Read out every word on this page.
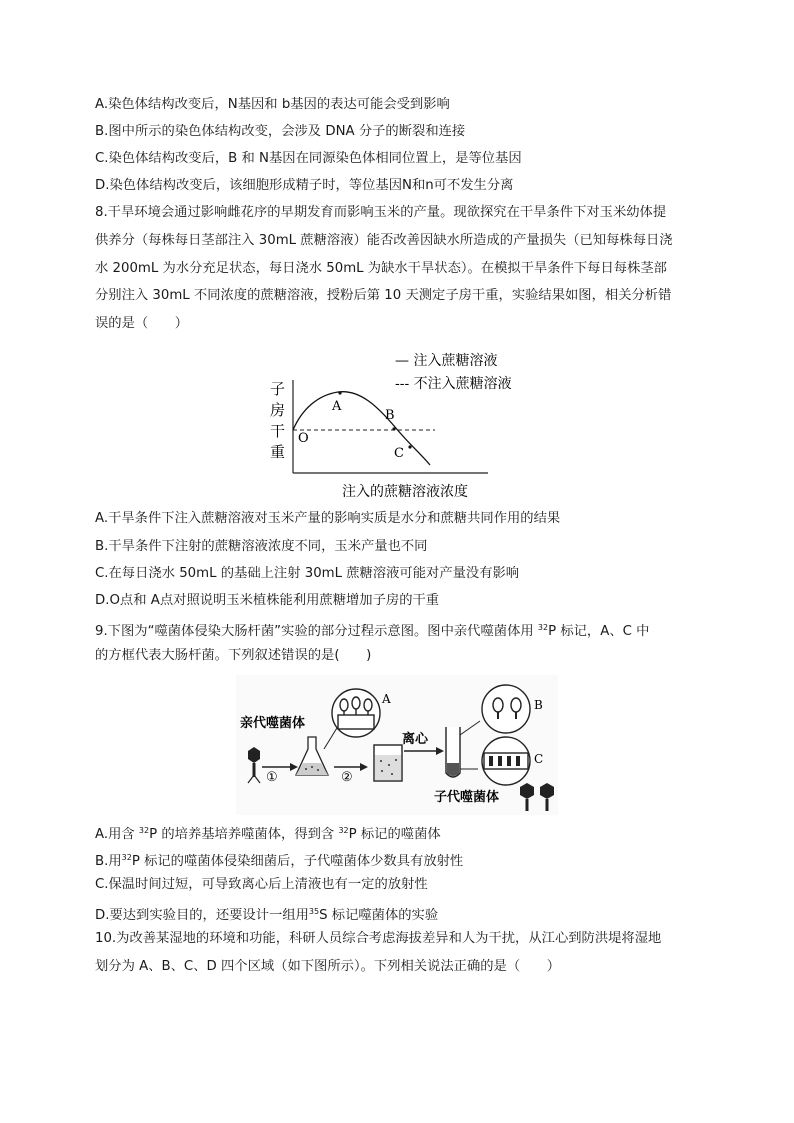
A.染色体结构改变后，N基因和 b基因的表达可能会受到影响
B.图中所示的染色体结构改变，会涉及 DNA 分子的断裂和连接
C.染色体结构改变后，B 和 N基因在同源染色体相同位置上，是等位基因
D.染色体结构改变后，该细胞形成精子时，等位基因N和n可不发生分离
8.干旱环境会通过影响雌花序的早期发育而影响玉米的产量。现欲探究在干旱条件下对玉米幼体提
供养分（每株每日茎部注入 30mL 蔗糖溶液）能否改善因缺水所造成的产量损失（已知每株每日浇
水 200mL 为水分充足状态，每日浇水 50mL 为缺水干旱状态）。在模拟干旱条件下每日每株茎部
分别注入 30mL 不同浓度的蔗糖溶液，授粉后第 10 天测定子房干重，实验结果如图，相关分析错
误的是（　　）
— 注入蔗糖溶液
--- 不注入蔗糖溶液
子
房
干
重
O
A
B
C
注入的蔗糖溶液浓度
A.干旱条件下注入蔗糖溶液对玉米产量的影响实质是水分和蔗糖共同作用的结果
B.干旱条件下注射的蔗糖溶液浓度不同，玉米产量也不同
C.在每日浇水 50mL 的基础上注射 30mL 蔗糖溶液可能对产量没有影响
D.O点和 A点对照说明玉米植株能利用蔗糖增加子房的干重
9.下图为“噬菌体侵染大肠杆菌”实验的部分过程示意图。图中亲代噬菌体用 $^{32}$P 标记，A、C 中
的方框代表大肠杆菌。下列叙述错误的是(　　)
亲代噬菌体
①
A
②
离心
B
C
子代噬菌体
A.用含 $^{32}$P 的培养基培养噬菌体，得到含 $^{32}$P 标记的噬菌体
B.用$^{32}$P 标记的噬菌体侵染细菌后，子代噬菌体少数具有放射性
C.保温时间过短，可导致离心后上清液也有一定的放射性
D.要达到实验目的，还要设计一组用$^{35}$S 标记噬菌体的实验
10.为改善某湿地的环境和功能，科研人员综合考虑海拔差异和人为干扰，从江心到防洪堤将湿地
划分为 A、B、C、D 四个区域（如下图所示）。下列相关说法正确的是（　　）
